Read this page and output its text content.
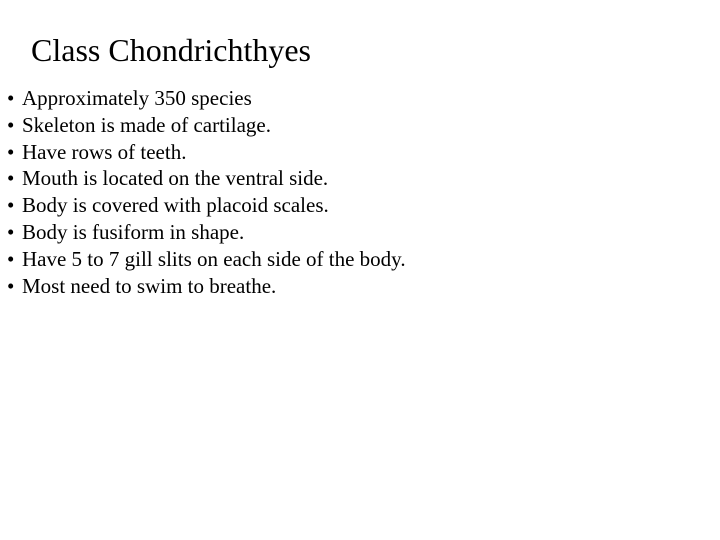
Class Chondrichthyes
• Approximately 350 species
• Skeleton is made of cartilage.
• Have rows of teeth.
• Mouth is located on the ventral side.
• Body is covered with placoid scales.
• Body is fusiform in shape.
• Have 5 to 7 gill slits on each side of the body.
• Most need to swim to breathe.
